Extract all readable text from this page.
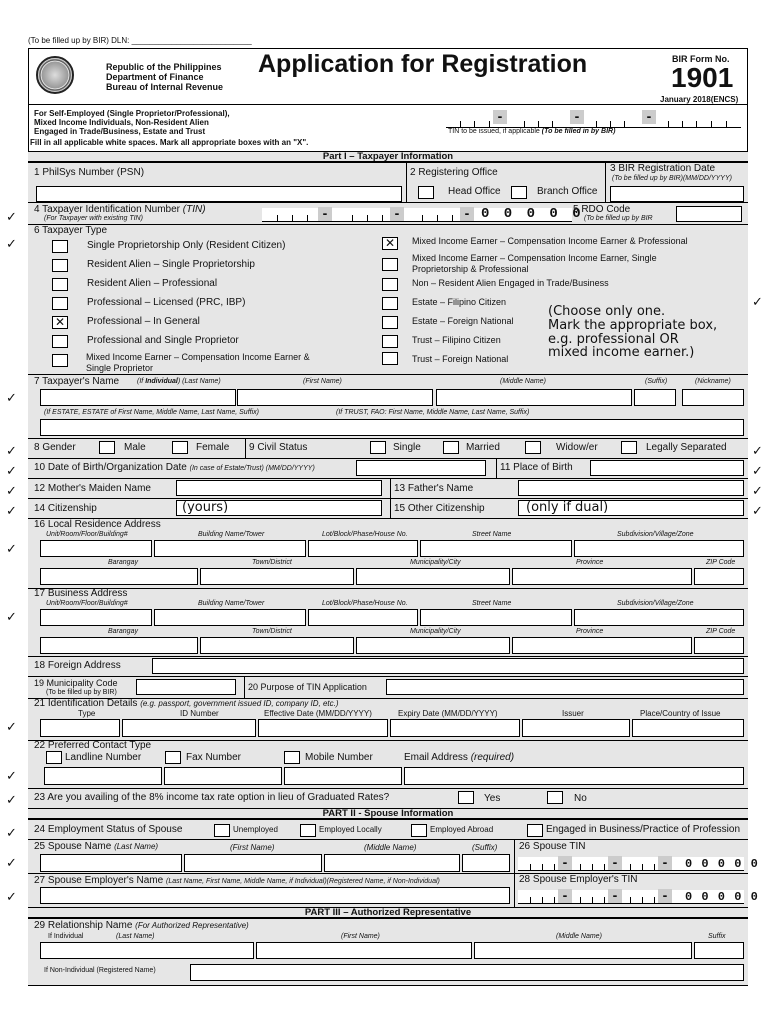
(To be filled up by BIR) DLN: ___________________________
Republic of the Philippines
Department of Finance
Bureau of Internal Revenue
Application for Registration	BIR Form No.
1901
January 2018(ENCS)
For Self-Employed (Single Proprietor/Professional),
Mixed Income Individuals, Non-Resident Alien
Engaged in Trade/Business, Estate and Trust
-	-	-
TIN to be issued, if applicable (To be filled in by BIR)
Fill in all applicable white spaces. Mark all appropriate boxes with an "X".
Part I – Taxpayer Information
1 PhilSys Number (PSN)	2 Registering Office
Head Office	Branch Office
3 BIR Registration Date
(To be filled up by BIR)(MM/DD/YYYY)
4 Taxpayer Identification Number (TIN)
(For Taxpayer with existing TIN)	-	-	- 0 0 0 0 0
5 RDO Code
(To be filled up by BIR
6 Taxpayer Type
Single Proprietorship Only (Resident Citizen)
Resident Alien – Single Proprietorship
Resident Alien – Professional
Professional – Licensed (PRC, IBP)
✕ Professional – In General
Professional and Single Proprietor
Mixed Income Earner – Compensation Income Earner &
Single Proprietor
✕	Mixed Income Earner – Compensation Income Earner & Professional
Mixed Income Earner – Compensation Income Earner, Single
Proprietorship & Professional
Non – Resident Alien Engaged in Trade/Business
Estate – Filipino Citizen
Estate – Foreign National
Trust – Filipino Citizen
Trust – Foreign National
(Choose only one.
Mark the appropriate box,
e.g. professional OR
mixed income earner.)
7 Taxpayer's Name	(If Individual) (Last Name)	(First Name)	(Middle Name)	(Suffix)	(Nickname)
(If ESTATE, ESTATE of First Name, Middle Name, Last Name, Suffix)	(If TRUST, FAO: First Name, Middle Name, Last Name, Suffix)
8 Gender	Male	Female 9 Civil Status	Single	Married	Widow/er	Legally Separated
10 Date of Birth/Organization Date (In case of Estate/Trust) (MM/DD/YYYY)	11 Place of Birth
12 Mother's Maiden Name	13 Father's Name
14 Citizenship	(yours)	15 Other Citizenship	(only if dual)
16 Local Residence Address
Unit/Room/Floor/Building#	Building Name/Tower	Lot/Block/Phase/House No.	Street Name	Subdivision/Village/Zone
Barangay	Town/District	Municipality/City	Province	ZIP Code
17 Business Address
Unit/Room/Floor/Building#	Building Name/Tower	Lot/Block/Phase/House No.	Street Name	Subdivision/Village/Zone
Barangay	Town/District	Municipality/City	Province	ZIP Code
18 Foreign Address
19 Municipality Code
(To be filled up by BIR)
20 Purpose of TIN Application
21 Identification Details (e.g. passport, government issued ID, company ID, etc.)
Type	ID Number	Effective Date (MM/DD/YYYY)	Expiry Date (MM/DD/YYYY)	Issuer	Place/Country of Issue
22 Preferred Contact Type
Landline Number	Fax Number	Mobile Number	Email Address (required)
23 Are you availing of the 8% income tax rate option in lieu of Graduated Rates?	Yes	No
PART II - Spouse Information
24 Employment Status of Spouse	Unemployed	Employed Locally	Employed Abroad	Engaged in Business/Practice of Profession
25 Spouse Name (Last Name)	(First Name)	(Middle Name)	(Suffix) 26 Spouse TIN
-	-	-	0 0 0 0 0
27 Spouse Employer's Name (Last Name, First Name, Middle Name, if Individual)(Registered Name, if Non-Individual)	28 Spouse Employer's TIN
-	-	-	0 0 0 0 0
PART III – Authorized Representative
29 Relationship Name (For Authorized Representative)
If Individual	(Last Name)	(First Name)	(Middle Name)	Suffix
If Non-Individual (Registered Name)
✓
✓
✓
✓
✓	✓
✓	✓
✓	✓
✓	✓
✓
✓
✓
✓
✓
✓
✓
✓
